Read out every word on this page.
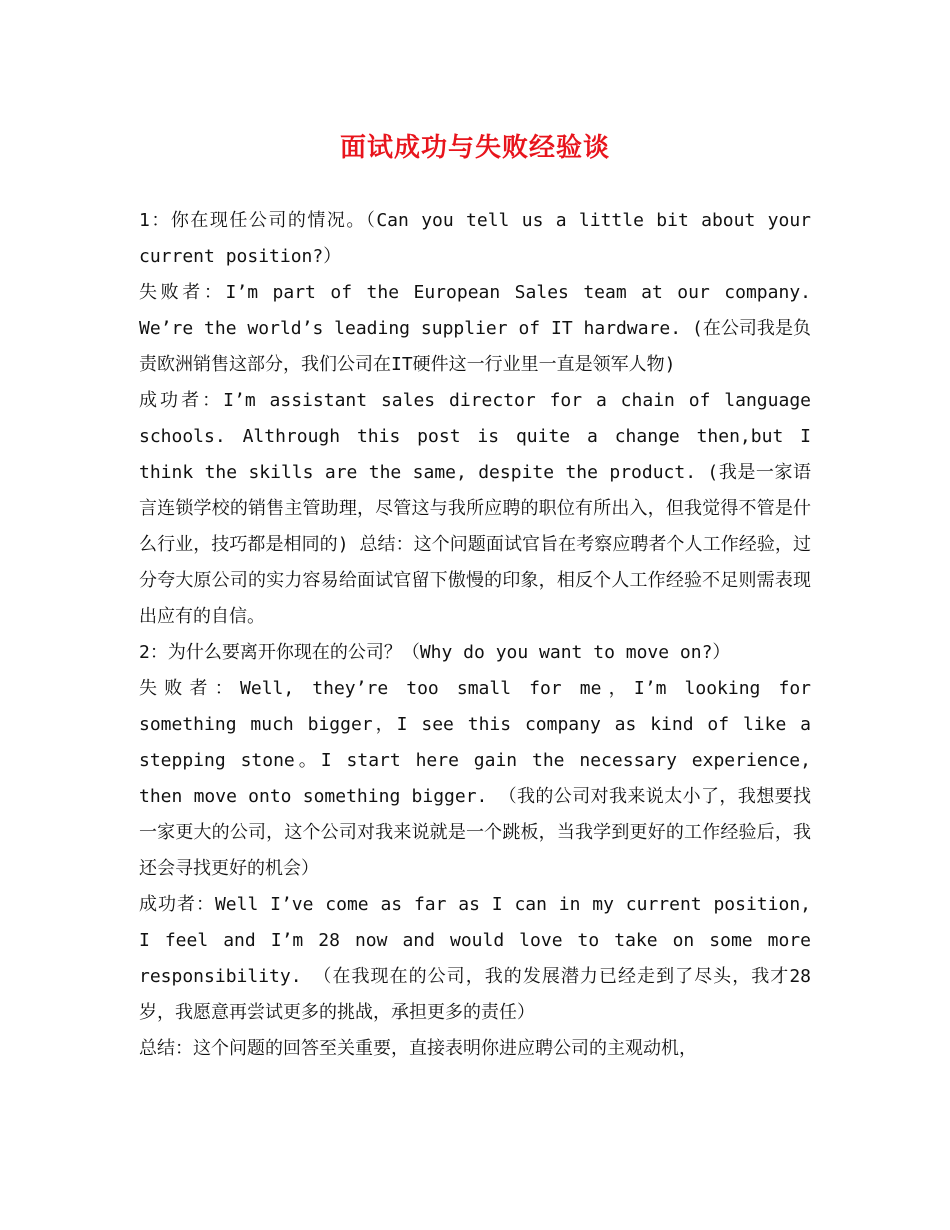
面试成功与失败经验谈

1：你在现任公司的情况。（Can you tell us a little bit about your current position?）

失败者：I’m part of the European Sales team at our company. We’re the world’s leading supplier of IT hardware. (在公司我是负责欧洲销售这部分，我们公司在IT硬件这一行业里一直是领军人物)

成功者：I’m assistant sales director for a chain of language schools. Althrough this post is quite a change then,but I think the skills are the same, despite the product. (我是一家语言连锁学校的销售主管助理，尽管这与我所应聘的职位有所出入，但我觉得不管是什么行业，技巧都是相同的) 总结：这个问题面试官旨在考察应聘者个人工作经验，过分夸大原公司的实力容易给面试官留下傲慢的印象，相反个人工作经验不足则需表现出应有的自信。

2：为什么要离开你现在的公司？（Why do you want to move on?）

失败者：Well, they’re too small for me，I’m looking for something much bigger，I see this company as kind of like a stepping stone。I start here gain the necessary experience, then move onto something bigger. （我的公司对我来说太小了，我想要找一家更大的公司，这个公司对我来说就是一个跳板，当我学到更好的工作经验后，我还会寻找更好的机会）

成功者：Well I’ve come as far as I can in my current position, I feel and I’m 28 now and would love to take on some more responsibility. （在我现在的公司，我的发展潜力已经走到了尽头，我才28岁，我愿意再尝试更多的挑战，承担更多的责任）

总结：这个问题的回答至关重要，直接表明你进应聘公司的主观动机，
